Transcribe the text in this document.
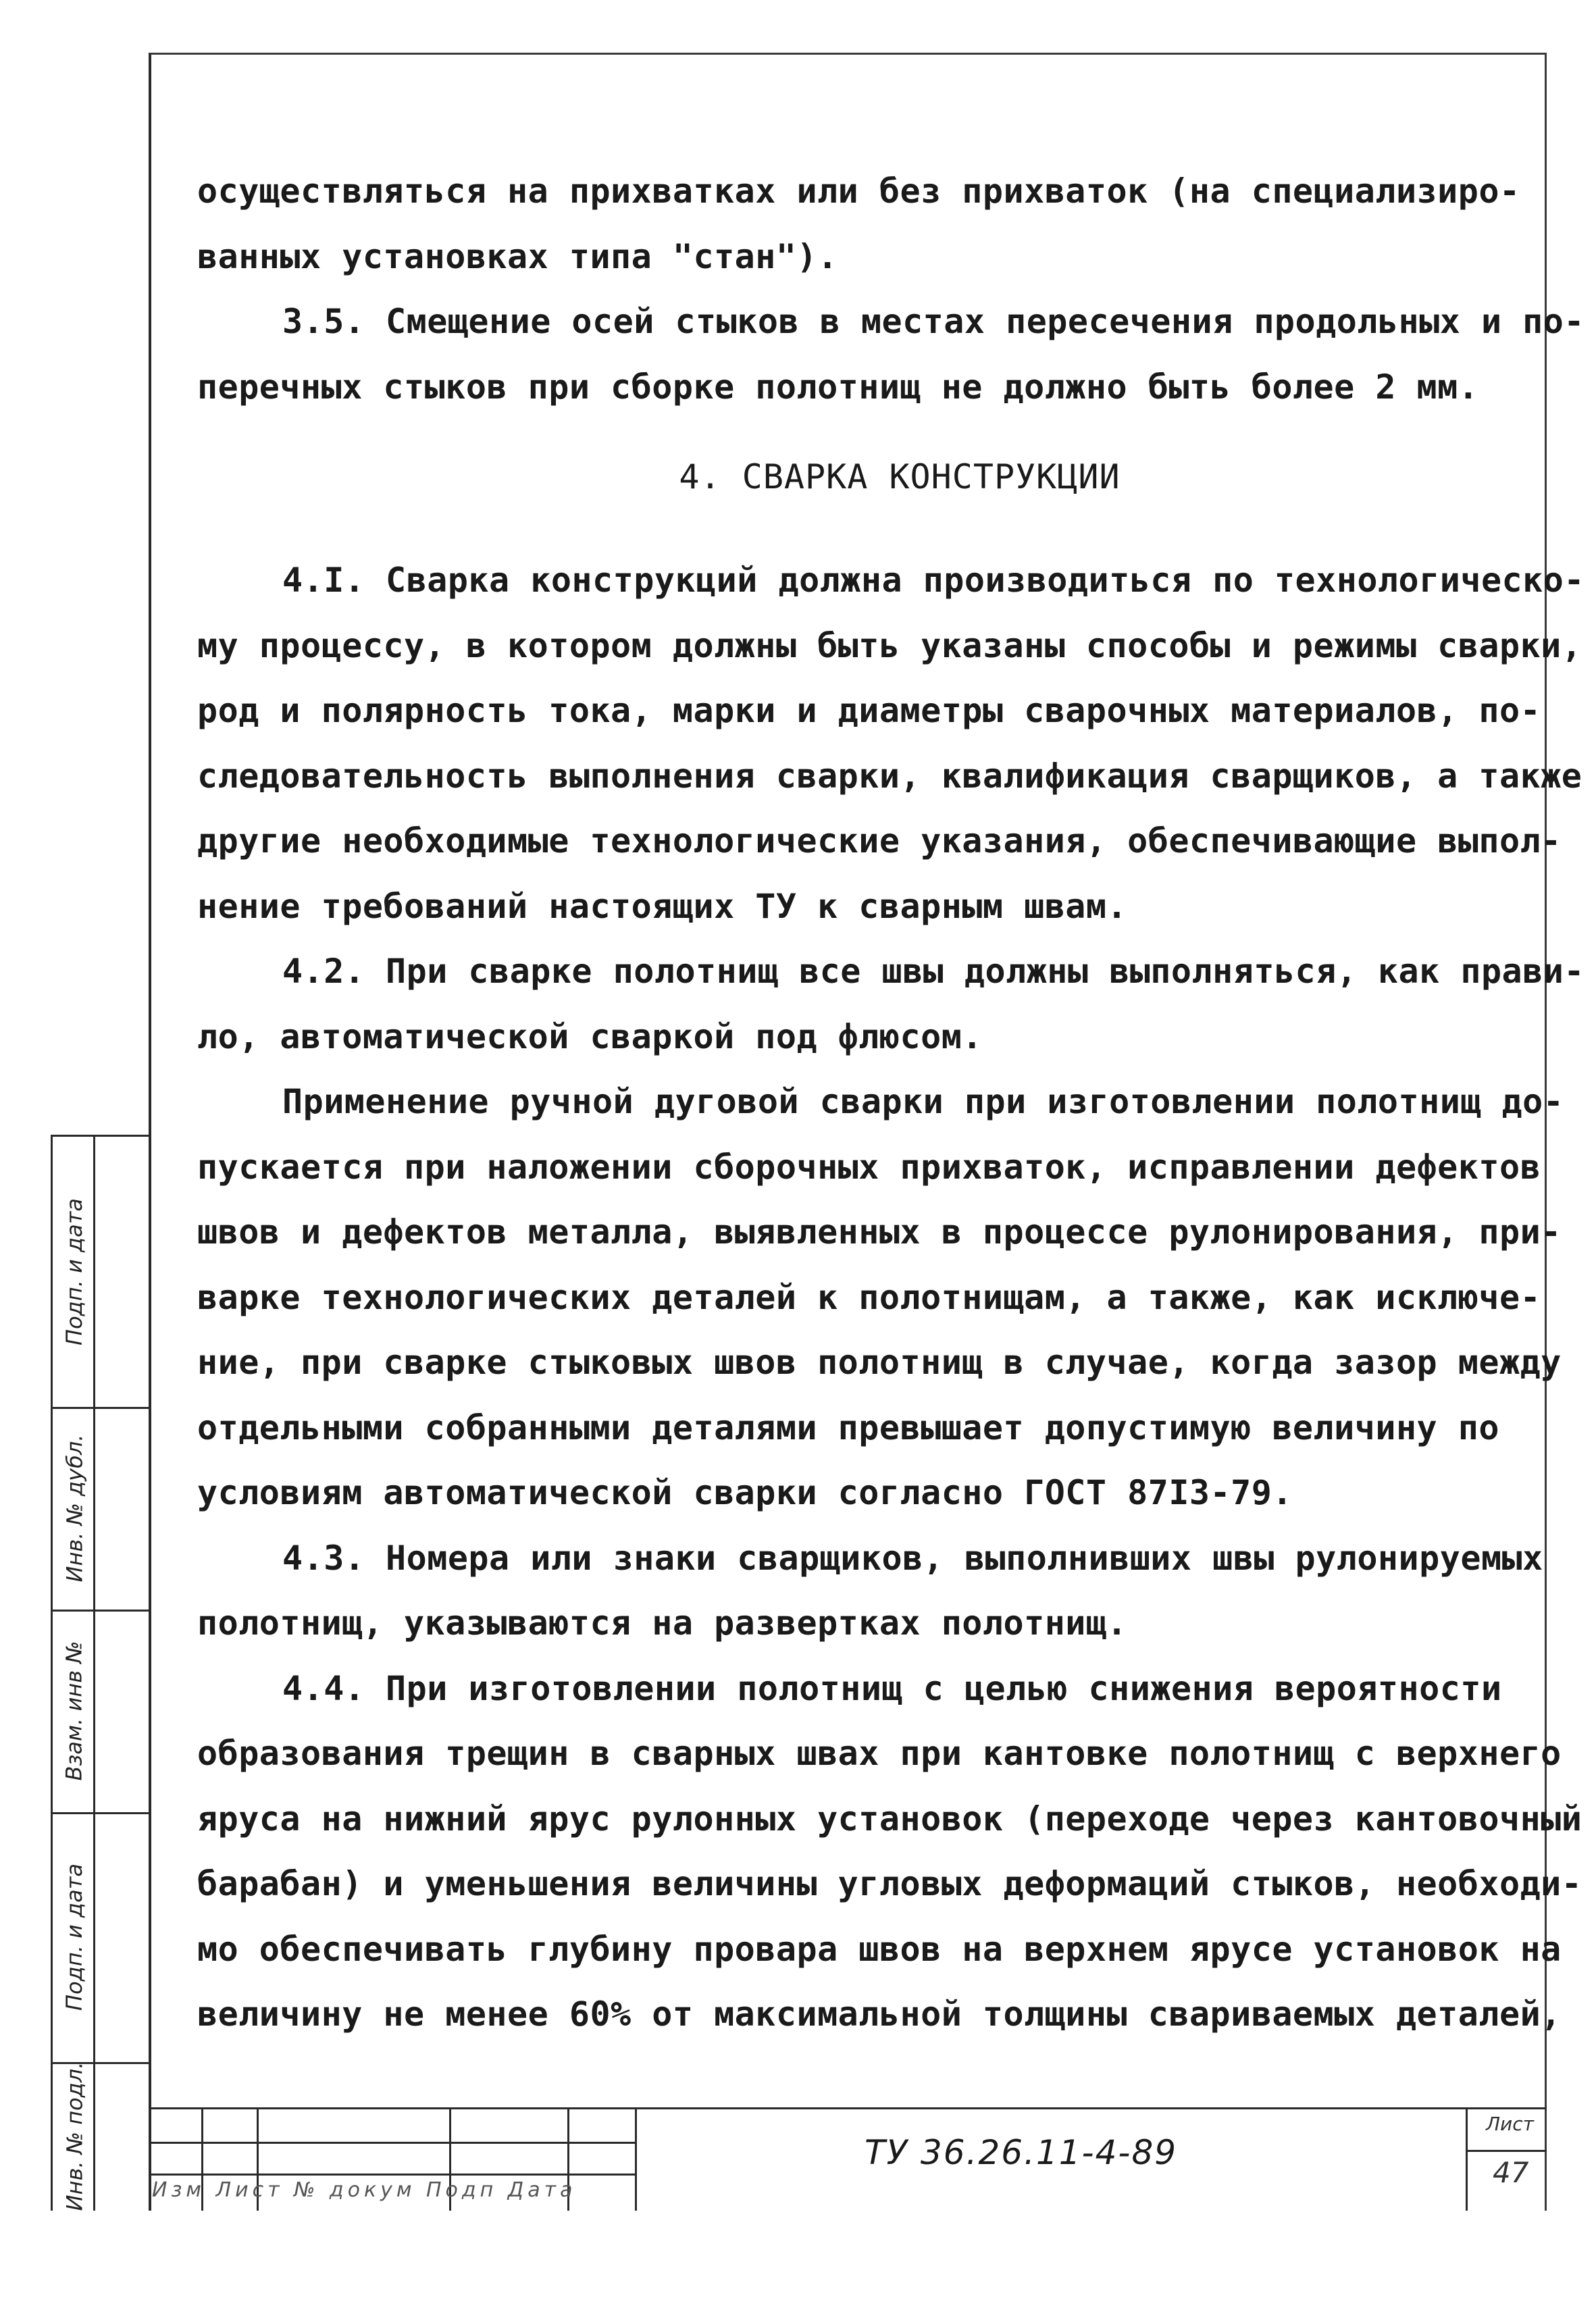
осуществляться на прихватках или без прихваток (на специализиро-
ванных установках типа "стан").
3.5. Смещение осей стыков в местах пересечения продольных и по-
перечных стыков при сборке полотнищ не должно быть более 2 мм.
4. СВАРКА КОНСТРУКЦИИ
4.I. Сварка конструкций должна производиться по технологическо-
му процессу, в котором должны быть указаны способы и режимы сварки,
род и полярность тока, марки и диаметры сварочных материалов, по-
следовательность выполнения сварки, квалификация сварщиков, а также
другие необходимые технологические указания, обеспечивающие выпол-
нение требований настоящих ТУ к сварным швам.
4.2. При сварке полотнищ все швы должны выполняться, как прави-
ло, автоматической сваркой под флюсом.
Применение ручной дуговой сварки при изготовлении полотнищ до-
пускается при наложении сборочных прихваток, исправлении дефектов
швов и дефектов металла, выявленных в процессе рулонирования, при-
варке технологических деталей к полотнищам, а также, как исключе-
ние, при сварке стыковых швов полотнищ в случае, когда зазор между
отдельными собранными деталями превышает допустимую величину по
условиям автоматической сварки согласно ГОСТ 87I3-79.
4.3. Номера или знаки сварщиков, выполнивших швы рулонируемых
полотнищ, указываются на развертках полотнищ.
4.4. При изготовлении полотнищ с целью снижения вероятности
образования трещин в сварных швах при кантовке полотнищ с верхнего
яруса на нижний ярус рулонных установок (переходе через кантовочный
барабан) и уменьшения величины угловых деформаций стыков, необходи-
мо обеспечивать глубину провара швов на верхнем ярусе установок на
величину не менее 60% от максимальной толщины свариваемых деталей,
Подп. и дата
Инв. № дубл.
Взам. инв №
Подп. и дата
Инв. № подл.	ТУ 36.26.11-4-89
Лист
47
Изм Лист № докум Подп Дата
